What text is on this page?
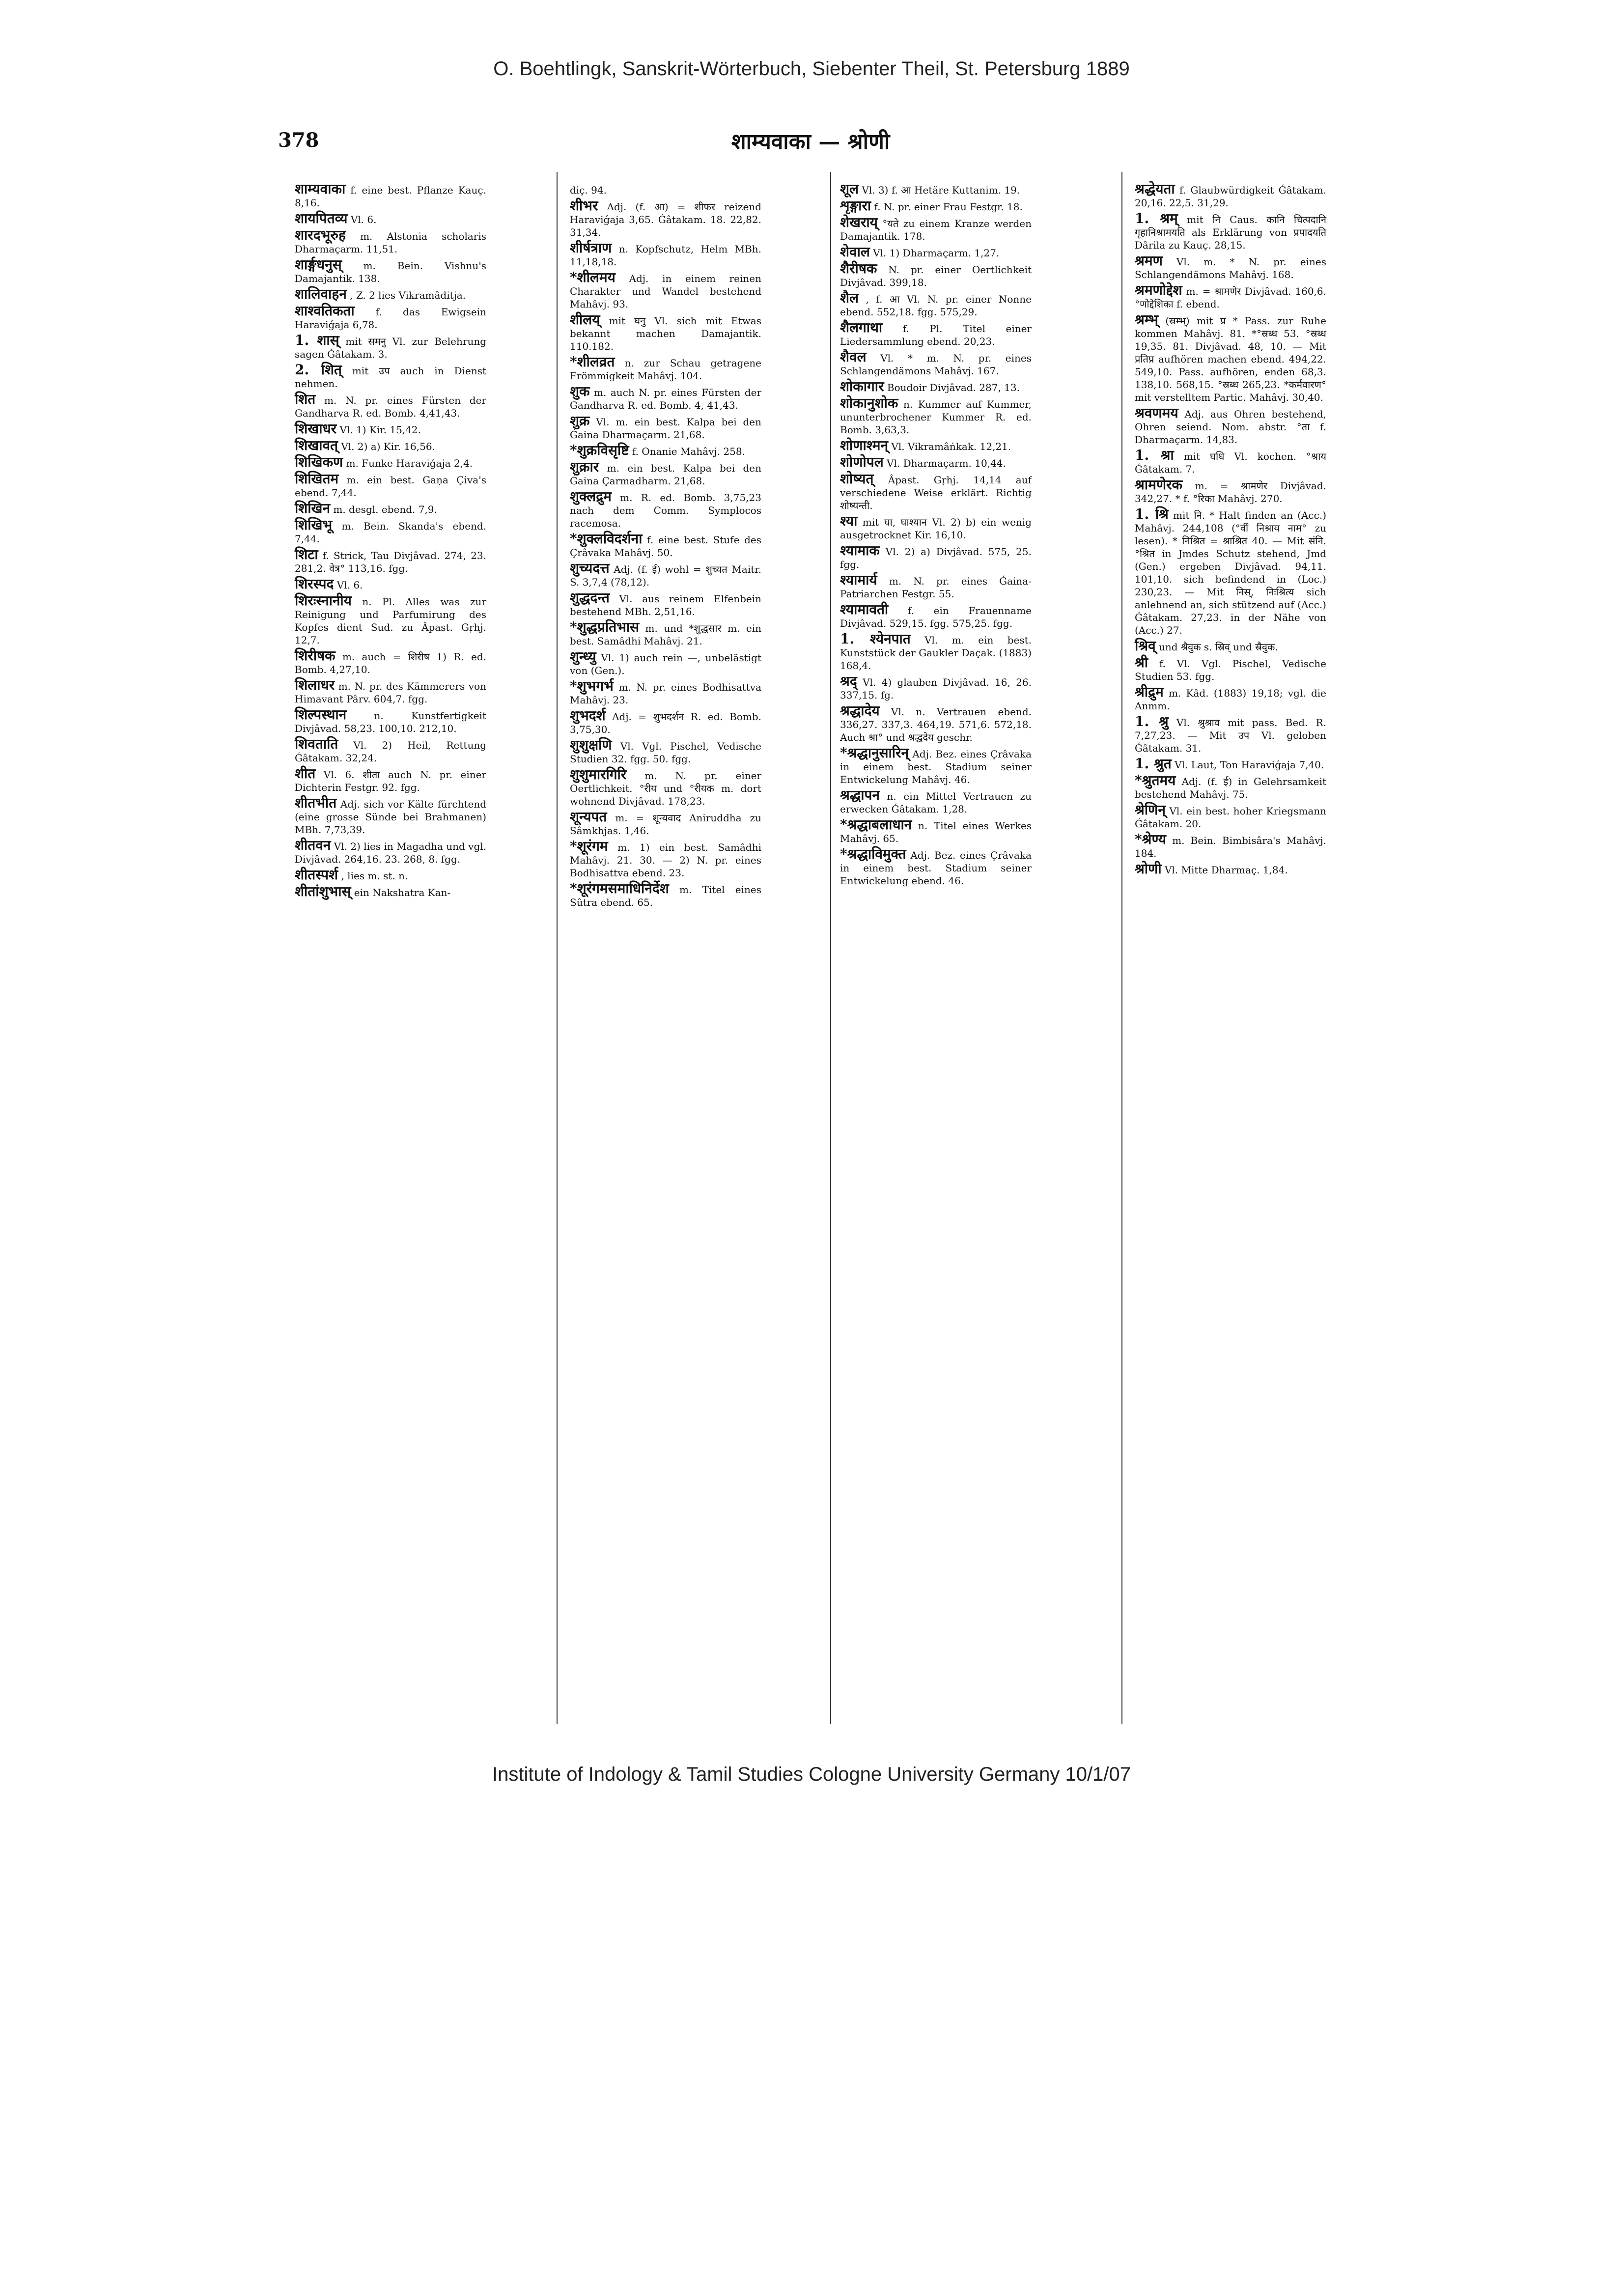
O. Boehtlingk, Sanskrit-Wörterbuch, Siebenter Theil, St. Petersburg 1889
378	शाम्यवाका — श्रोणी
शाम्यवाका f. eine best. Pflanze Kauç. 8,16.
शायपितव्य Vl. 6.
शारदभूरुह m. Alstonia scholaris Dharmaçarm. 11,51.
शार्ङ्गधनुस् m. Bein. Vishnu's Damajantik. 138.
शालिवाहन , Z. 2 lies Vikramâditja.
शाश्वतिकता f. das Ewigsein Haraviǵaja 6,78.
1. शास् mit समनु Vl. zur Belehrung sagen Ǵâtakam. 3.
2. शित् mit उप auch in Dienst nehmen.
शित m. N. pr. eines Fürsten der Gandharva R. ed. Bomb. 4,41,43.
शिखाधर Vl. 1) Kir. 15,42.
शिखावत् Vl. 2) a) Kir. 16,56.
शिखिकण m. Funke Haraviǵaja 2,4.
शिखितम m. ein best. Gaṇa Çiva's ebend. 7,44.
शिखिन m. desgl. ebend. 7,9.
शिखिभू m. Bein. Skanda's ebend. 7,44.
शिटा f. Strick, Tau Divjâvad. 274, 23. 281,2. वेत्र° 113,16. fgg.
शिरस्पद Vl. 6.
शिरःस्नानीय n. Pl. Alles was zur Reinigung und Parfumirung des Kopfes dient Sud. zu Âpast. Gṛhj. 12,7.
शिरीषक m. auch = शिरीष 1) R. ed. Bomb. 4,27,10.
शिलाधर m. N. pr. des Kämmerers von Himavant Pârv. 604,7. fgg.
शिल्पस्थान	n. Kunstfertigkeit Divjâvad. 58,23. 100,10. 212,10.
शिवताति Vl. 2) Heil, Rettung Ǵâtakam. 32,24.
शीत Vl. 6. शीता auch N. pr. einer Dichterin Festgr. 92. fgg.
शीतभीत Adj. sich vor Kälte fürchtend (eine grosse Sünde bei Brahmanen) MBh. 7,73,39.
शीतवन Vl. 2) lies in Magadha und vgl. Divjâvad. 264,16. 23. 268, 8. fgg.
शीतस्पर्श , lies m. st. n.
शीतांशुभास् ein Nakshatra Kan-
diç. 94.
शीभर Adj. (f. आ) = शीफर reizend Haraviǵaja 3,65. Ǵâtakam. 18. 22,82. 31,34.
शीर्षत्राण n. Kopfschutz, Helm MBh. 11,18,18.
*शीलमय Adj. in einem reinen Charakter und Wandel bestehend Mahâvj. 93.
शीलय् mit घनु Vl. sich mit Etwas bekannt machen Damajantik. 110.182.
*शीलव्रत n. zur Schau getragene Frömmigkeit Mahâvj. 104.
शुक m. auch N. pr. eines Fürsten der Gandharva R. ed. Bomb. 4, 41,43.
शुक्र Vl. m. ein best. Kalpa bei den Ǵaina Dharmaçarm. 21,68.
*शुक्रविसृष्टि f. Onanie Mahâvj. 258.
शुक्रार m. ein best. Kalpa bei den Ǵaina Çarmadharm. 21,68.
शुक्लद्रुम m. R. ed. Bomb. 3,75,23 nach dem Comm. Symplocos racemosa.
*शुक्लविदर्शना f. eine best. Stufe des Çrâvaka Mahâvj. 50.
शुच्यदत्त Adj. (f. ई) wohl = शुच्यत Maitr. S. 3,7,4 (78,12).
शुद्धदन्त Vl. aus reinem Elfenbein bestehend MBh. 2,51,16.
*शुद्धप्रतिभास m. und *शुद्धसार m. ein best. Samâdhi Mahâvj. 21.
शुन्ध्यु Vl. 1) auch rein —, unbelästigt von (Gen.).
*शुभगर्भ m. N. pr. eines Bodhisattva Mahâvj. 23.
शुभदर्श Adj. = शुभदर्शन R. ed. Bomb. 3,75,30.
शुशुक्षणि Vl. Vgl. Pischel, Vedische Studien 32. fgg. 50. fgg.
शुशुमारगिरि m. N. pr. einer Oertlichkeit. °रीय und °रीयक m. dort wohnend Divjâvad. 178,23.
शून्यपत m. = शून्यवाद Aniruddha zu Sâmkhjas. 1,46.
*शूरंगम m. 1) ein best. Samâdhi Mahâvj. 21. 30. — 2) N. pr. eines Bodhisattva ebend. 23.
*शूरंगमसमाधिनिर्देश m. Titel eines Sûtra ebend. 65.
शूल Vl. 3) f. आ Hetäre Kuttanim. 19.
शृङ्गारा f. N. pr. einer Frau Festgr. 18.
शेखराय् °यते zu einem Kranze werden Damajantik. 178.
शेवाल Vl. 1) Dharmaçarm. 1,27.
शैरीषक N. pr. einer Oertlichkeit Divjâvad. 399,18.
शैल , f. आ Vl. N. pr. einer Nonne ebend. 552,18. fgg. 575,29.
शैलगाथा f. Pl. Titel einer Liedersammlung ebend. 20,23.
शैवल Vl. * m. N. pr. eines Schlangendämons Mahâvj. 167.
शोकागार Boudoir Divjâvad. 287, 13.
शोकानुशोक n. Kummer auf Kummer, ununterbrochener Kummer R. ed. Bomb. 3,63,3.
शोणाश्मन् Vl. Vikramâṅkak. 12,21.
शोणोपल Vl. Dharmaçarm. 10,44.
शोष्यत् Âpast. Gṛhj. 14,14 auf verschiedene Weise erklärt. Richtig शोष्यन्ती.
श्या mit घा, घाश्यान Vl. 2) b) ein wenig ausgetrocknet Kir. 16,10.
श्यामाक Vl. 2) a) Divjâvad. 575, 25. fgg.
श्यामार्य m. N. pr. eines Ǵaina-Patriarchen Festgr. 55.
श्यामावती f. ein Frauenname Divjâvad. 529,15. fgg. 575,25. fgg.
1. श्येनपात Vl. m. ein best. Kunststück der Gaukler Daçak. (1883) 168,4.
श्रद् Vl. 4) glauben Divjâvad. 16, 26. 337,15. fg.
श्रद्धादेय Vl. n. Vertrauen ebend. 336,27. 337,3. 464,19. 571,6. 572,18. Auch श्रा° und श्रद्धदेय geschr.
*श्रद्धानुसारिन् Adj. Bez. eines Çrâvaka in einem best. Stadium seiner Entwickelung Mahâvj. 46.
श्रद्धापन n. ein Mittel Vertrauen zu erwecken Ǵâtakam. 1,28.
*श्रद्धाबलाधान n. Titel eines Werkes Mahâvj. 65.
*श्रद्धाविमुक्त Adj. Bez. eines Çrâvaka in einem best. Stadium seiner Entwickelung ebend. 46.
श्रद्धेयता f. Glaubwürdigkeit Ǵâtakam. 20,16. 22,5. 31,29.
1. श्रम् mit नि Caus. कानि चित्पदानि गृहानिश्रामयति als Erklärung von प्रपादयति Dârila zu Kauç. 28,15.
श्रमण Vl. m. * N. pr. eines Schlangendämons Mahâvj. 168.
श्रमणोद्देश m. = श्रामणेर Divjâvad. 160,6. °णोद्देशिका f. ebend.
श्रम्भ् (स्रम्भ्) mit प्र * Pass. zur Ruhe kommen Mahâvj. 81. *°स्रब्ध 53. °स्रब्ध 19,35. 81. Divjâvad. 48, 10. — Mit प्रतिप्र aufhören machen ebend. 494,22. 549,10. Pass. aufhören, enden 68,3. 138,10. 568,15. °स्रब्ध 265,23. *कर्मवारण° mit verstelltem Partic. Mahâvj. 30,40.
श्रवणमय Adj. aus Ohren bestehend, Ohren seiend. Nom. abstr. °ता f. Dharmaçarm. 14,83.
1. श्रा mit घधि Vl. kochen. °श्राय Ǵâtakam. 7.
श्रामणेरक m. = श्रामणेर Divjâvad. 342,27. * f. °रिका Mahâvj. 270.
1. श्रि mit नि. * Halt finden an (Acc.) Mahâvj. 244,108 (°वीं निश्राय नाम° zu lesen). * निश्रित = श्राश्रित 40. — Mit संनि. °श्रित in Jmdes Schutz stehend, Jmd (Gen.) ergeben Divjâvad. 94,11. 101,10. sich befindend in (Loc.) 230,23. — Mit निस्, निःश्रित्य sich anlehnend an, sich stützend auf (Acc.) Ǵâtakam. 27,23. in der Nähe von (Acc.) 27.
श्रिव् und श्रैवुक s. स्रिव् und स्रैवुक.
श्री f. Vl. Vgl. Pischel, Vedische Studien 53. fgg.
श्रीद्रुम m. Kâd. (1883) 19,18; vgl. die Anmm.
1. श्रु Vl. श्रुश्राव mit pass. Bed. R. 7,27,23. — Mit उप Vl. geloben Ǵâtakam. 31.
1. श्रुत Vl. Laut, Ton Haraviǵaja 7,40.
*श्रुतमय Adj. (f. ई) in Gelehrsamkeit bestehend Mahâvj. 75.
श्रेणिन् Vl. ein best. hoher Kriegsmann Ǵâtakam. 20.
*श्रेण्य m. Bein. Bimbisâra's Mahâvj. 184.
श्रोणी Vl. Mitte Dharmaç. 1,84.
Institute of Indology & Tamil Studies Cologne University Germany 10/1/07
